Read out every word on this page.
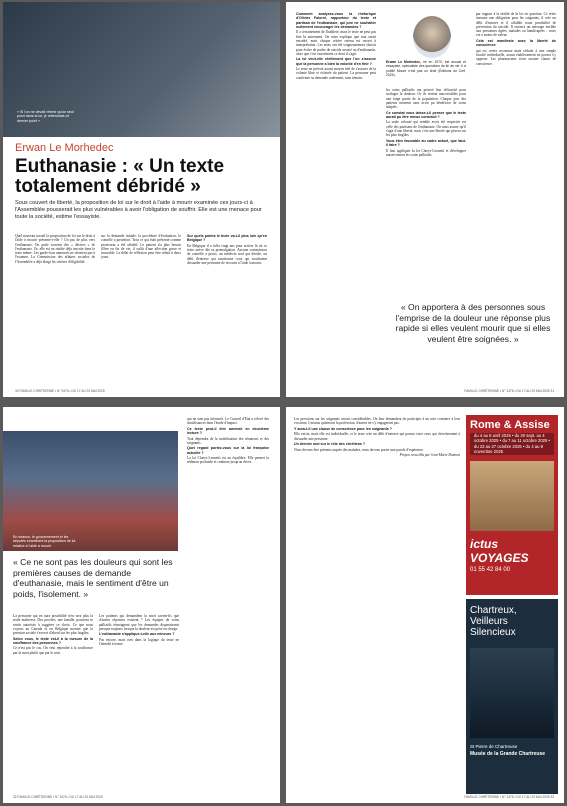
« Si l'on ne devait retenir qu'un seul point dans la loi, je retiendrais ce dernier point »
Erwan Le Morhedec
Euthanasie : « Un texte totalement débridé »
Sous couvert de liberté, la proposition de loi sur le droit à l'aide à mourir examinée ces jours-ci à l'Assemblée pousserait les plus vulnérables à avoir l'obligation de souffrir. Elle est une menace pour toute la société, estime l'essayiste.

Quel nouveau travail la proposition de loi sur le droit à l'aide à mourir présente-t-elle ? Un pas de plus vers l'euthanasie. On parle souvent des « dérives » de l'euthanasie. Or, elle est en réalité déjà inscrite dans le texte même. Les garde-fous annoncés ne résistent pas à l'examen. La Commission des affaires sociales de l'Assemblée a déjà élargi les critères d'éligibilité.

sur la demande initiale, la procédure d'évaluation, le contrôle a posteriori. Tout ce qui était présenté comme protecteur a été affaibli. Le patient n'a plus besoin d'être en fin de vie, il suffit d'une affection grave et incurable. Le délai de réflexion peut être réduit à deux jours.

Sur quels points le texte va-t-il plus loin qu'en Belgique ?

En Belgique il a fallu vingt ans pour arriver là où ce texte arrive dès sa promulgation. Aucune commission de contrôle a priori, un médecin seul qui décide, un délit d'entrave qui sanctionne ceux qui voudraient dissuader une personne de recourir à l'aide à mourir.

30 FAMILLE CHRÉTIENNE • N° 2476 • DU 17 AU 23 MAI 2025

Comment analysez-vous la rhétorique d'Olivier Falorni, rapporteur du texte et partisan de l'euthanasie, qui jure ne souhaiter nullement encourager les demandes ?

Il a certainement de l'habileté, mais le texte ne peut pas être lu autrement. On nous explique que tout serait encadré, mais chaque critère retenu est ouvert à interprétation. Les mots ont été soigneusement choisis pour éviter de parler de suicide assisté ou d'euthanasie, alors que c'est exactement ce dont il s'agit.

La loi veut-elle réellement que l'on s'assure que la personne a bien la volonté d'en finir ?

Le texte ne prévoit aucun moyen réel de s'assurer de la volonté libre et éclairée du patient. La personne peut confirmer sa demande oralement, sans témoin.

Erwan Le Morhedec, né en 1970, est avocat et essayiste, spécialiste des questions de fin de vie. Il a publié Mourir n'est pas un droit (Éditions du Cerf, 2024).

les soins palliatifs ont prouvé leur efficacité pour soulager la douleur. Or ils restent inaccessibles pour une large partie de la population. Chaque jour des patients meurent sans avoir pu bénéficier de soins adaptés.

Ce constat vous laisse-t-il penser que le texte aurait pu être mieux construit ?

La seule volonté qui semble avoir été respectée est celle des partisans de l'euthanasie. On nous assure qu'il s'agit d'une liberté, mais c'est une liberté qui pèsera sur les plus fragiles.

Vous êtes favorable au cadre actuel, que faut-il faire ?

Il faut appliquer la loi Claeys-Leonetti et développer massivement les soins palliatifs.

par rapport à la réalité de la loi en question. Ce texte instaure une obligation pour les soignants, il crée un délit d'entrave et il affaiblit toute possibilité de prévention du suicide. Il enverra un message terrible aux personnes âgées, malades ou handicapées : votre vie a moins de valeur.

Cela est manifeste avec la liberté de conscience

qui est certes reconnue mais réduite à une simple faculté individuelle, aucun établissement ne pourra s'y opposer. Les pharmaciens n'ont aucune clause de conscience.

« On apportera à des personnes sous l'emprise de la douleur une réponse plus rapide si elles veulent mourir que si elles veulent être soignées. »
FAMILLE CHRÉTIENNE • N° 2476 • DU 17 AU 23 MAI 2025 31
En séance, le gouvernement et les députés examinent la proposition de loi relative à l'aide à mourir.
« Ce ne sont pas les douleurs qui sont les premières causes de demande d'euthanasie, mais le sentiment d'être un poids, l'isolement. »

La personne qui en aura possibilité n'en sera plus la seule maîtresse. Des proches, une famille, pourront se sentir autorisés à suggérer ce choix. Ce que nous voyons au Canada et en Belgique montre que la pression sociale s'exerce d'abord sur les plus fragiles.

Selon vous, le texte est-il à la mesure de la souffrance des personnes ?

Ce n'est pas le cas. On veut répondre à la souffrance par la mort plutôt que par le soin.

Les patients qui demandent la mort savent-ils que d'autres réponses existent ? Les équipes de soins palliatifs témoignent que les demandes disparaissent presque toujours lorsque la douleur est prise en charge.

L'euthanasie s'applique-t-elle aux mineurs ?

Pas encore, mais rien dans la logique du texte ne l'interdit à terme.

qui ne sont pas informés. Le Conseil d'État a relevé des insuffisances dans l'étude d'impact.

Ce texte peut-il être amendé en deuxième lecture ?

Tout dépendra de la mobilisation des sénateurs et des soignants.

Quel regard portez-vous sur la loi française actuelle ?

La loi Claeys-Leonetti est un équilibre. Elle permet la sédation profonde et continue jusqu'au décès.

32 FAMILLE CHRÉTIENNE • N° 2476 • DU 17 AU 23 MAI 2025

Les pressions sur les soignants seront considérables. On leur demandera de participer à un acte contraire à leur vocation. Certains quitteront la profession, d'autres ne s'y engageront pas.

Y aura-t-il une clause de conscience pour les soignants ?

Elle existe, mais elle est individuelle, et le texte crée un délit d'entrave qui pourra viser ceux qui chercheraient à dissuader une personne.

Un dernier mot sur le rôle des chrétiens ?

Nous devons être présents auprès des malades, nous devons porter une parole d'espérance.

Propos recueillis par Jean-Marie Dumont

Rome & Assise
du 4 au 8 avril 2025 • du 30 sept. au 4 octobre 2025 • du 7 au 11 octobre 2025 • du 23 au 27 octobre 2025 • du 4 au 8 novembre 2025
ictus VOYAGES
01 55 42 84 00
Chartreux, Veilleurs Silencieux
St Pierre de Chartreuse
Musée de la Grande Chartreuse
FAMILLE CHRÉTIENNE • N° 2476 • DU 17 AU 23 MAI 2025 33
